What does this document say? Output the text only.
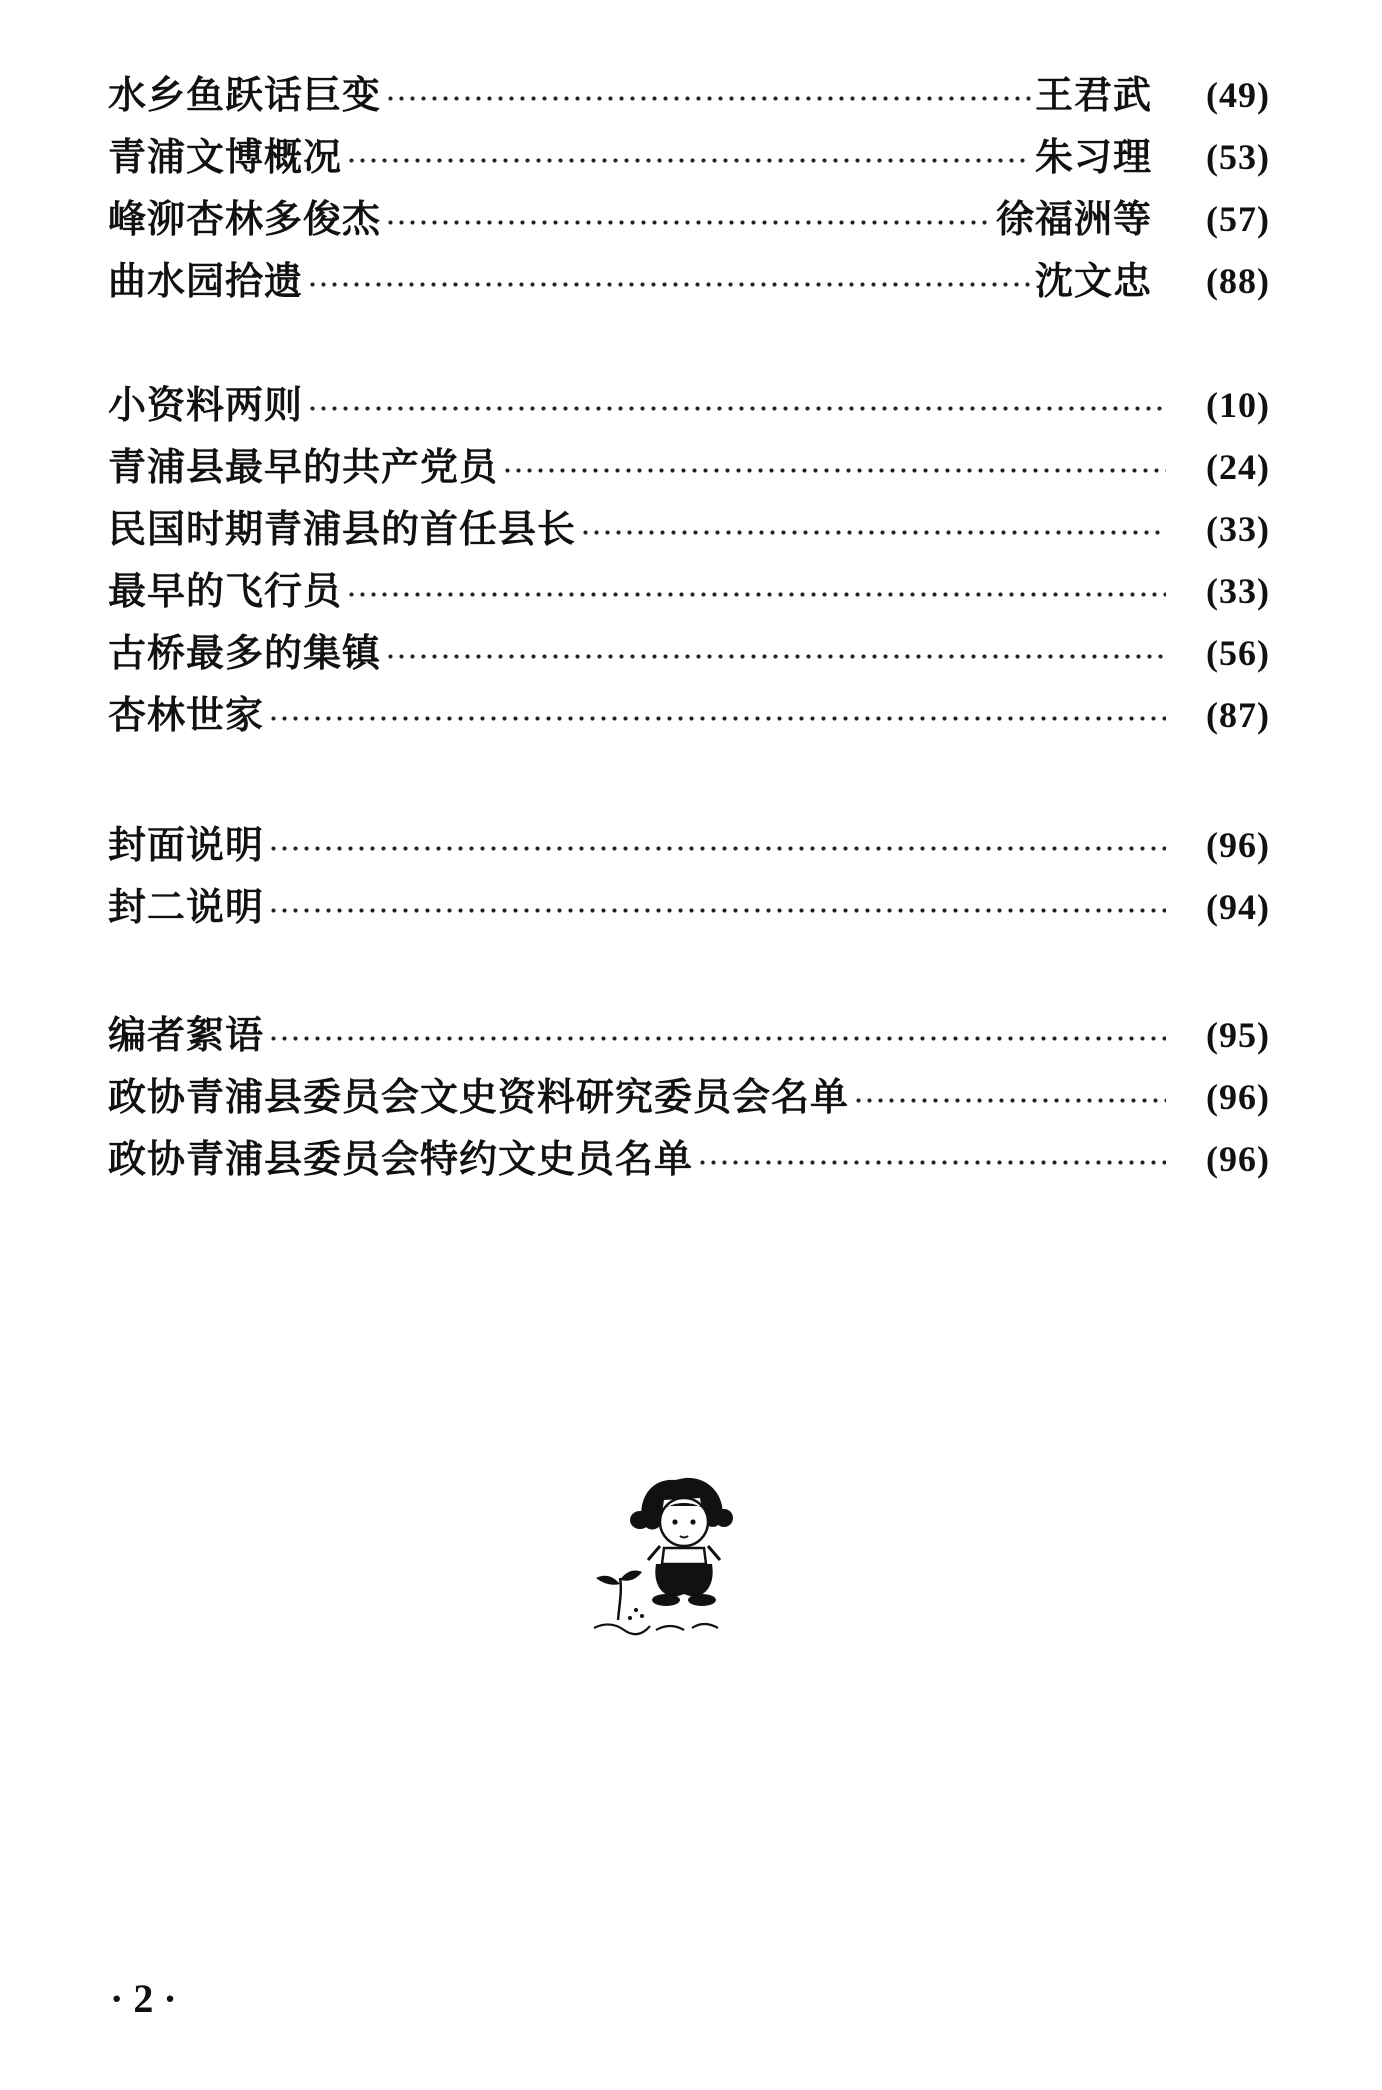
水乡鱼跃话巨变	王君武	(49)
青浦文博概况	朱习理	(53)
峰泖杏林多俊杰	徐福洲等	(57)
曲水园拾遗	沈文忠	(88)
小资料两则	(10)
青浦县最早的共产党员	(24)
民国时期青浦县的首任县长	(33)
最早的飞行员	(33)
古桥最多的集镇	(56)
杏林世家	(87)
封面说明	(96)
封二说明	(94)
编者絮语	(95)
政协青浦县委员会文史资料研究委员会名单	(96)
政协青浦县委员会特约文史员名单	(96)
· 2 ·
